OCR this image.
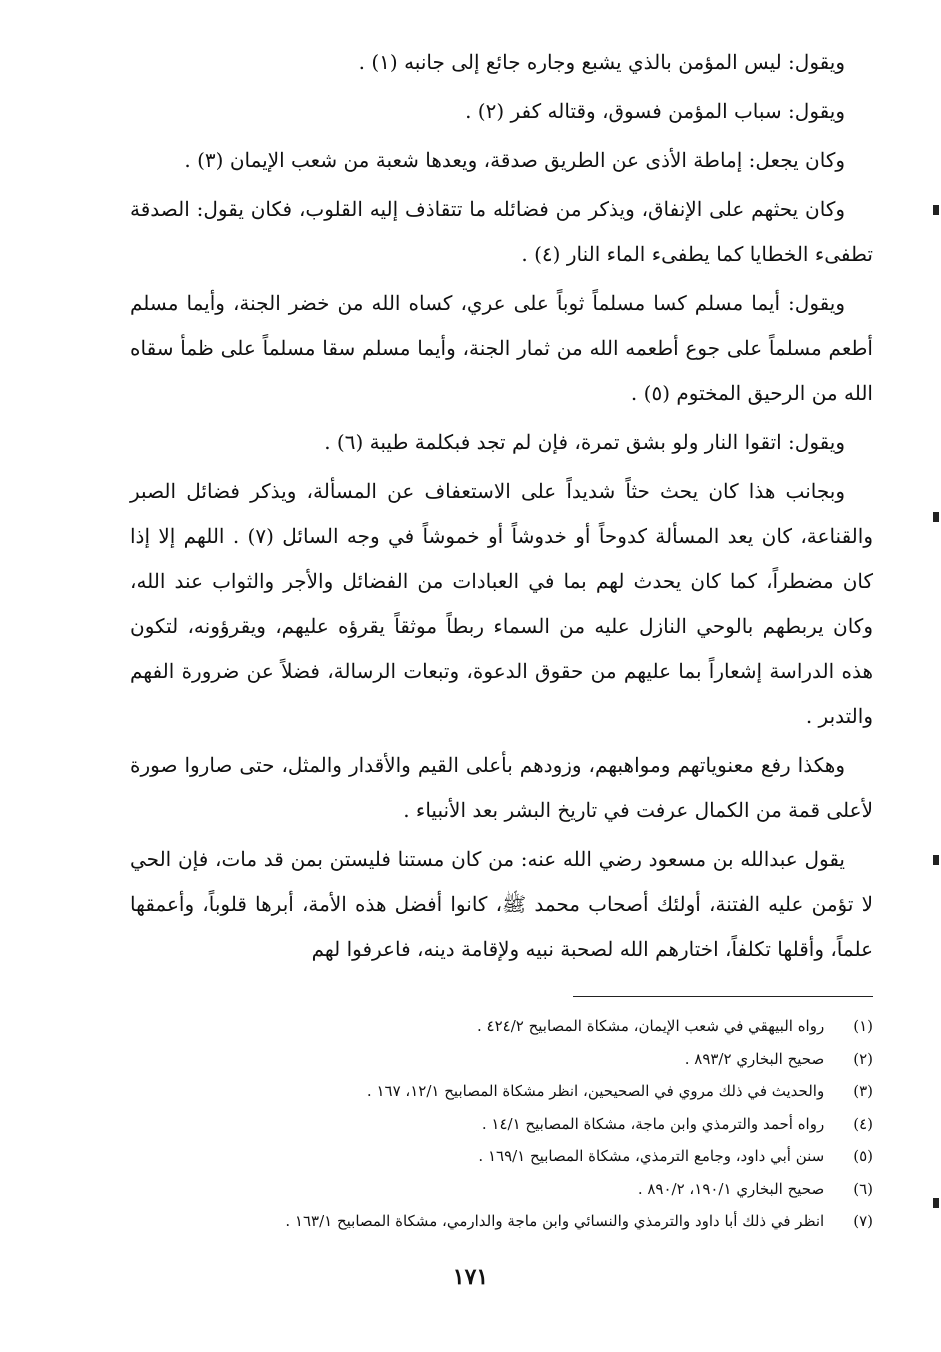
ويقول: ليس المؤمن بالذي يشبع وجاره جائع إلى جانبه (١) .

ويقول: سباب المؤمن فسوق، وقتاله كفر (٢) .

وكان يجعل: إماطة الأذى عن الطريق صدقة، ويعدها شعبة من شعب الإيمان (٣) .

وكان يحثهم على الإنفاق، ويذكر من فضائله ما تتقاذف إليه القلوب، فكان يقول: الصدقة تطفىء الخطايا كما يطفىء الماء النار (٤) .

ويقول: أيما مسلم كسا مسلماً ثوباً على عري، كساه الله من خضر الجنة، وأيما مسلم أطعم مسلماً على جوع أطعمه الله من ثمار الجنة، وأيما مسلم سقا مسلماً على ظمأ سقاه الله من الرحيق المختوم (٥) .

ويقول: اتقوا النار ولو بشق تمرة، فإن لم تجد فبكلمة طيبة (٦) .

وبجانب هذا كان يحث حثاً شديداً على الاستعفاف عن المسألة، ويذكر فضائل الصبر والقناعة، كان يعد المسألة كدوحاً أو خدوشاً أو خموشاً في وجه السائل (٧) . اللهم إلا إذا كان مضطراً، كما كان يحدث لهم بما في العبادات من الفضائل والأجر والثواب عند الله، وكان يربطهم بالوحي النازل عليه من السماء ربطاً موثقاً يقرؤه عليهم، ويقرؤونه، لتكون هذه الدراسة إشعاراً بما عليهم من حقوق الدعوة، وتبعات الرسالة، فضلاً عن ضرورة الفهم والتدبر .

وهكذا رفع معنوياتهم ومواهبهم، وزودهم بأعلى القيم والأقدار والمثل، حتى صاروا صورة لأعلى قمة من الكمال عرفت في تاريخ البشر بعد الأنبياء .

يقول عبدالله بن مسعود رضي الله عنه: من كان مستنا فليستن بمن قد مات، فإن الحي لا تؤمن عليه الفتنة، أولئك أصحاب محمد ﷺ، كانوا أفضل هذه الأمة، أبرها قلوباً، وأعمقها علماً، وأقلها تكلفاً، اختارهم الله لصحبة نبيه ولإقامة دينه، فاعرفوا لهم

(١) رواه البيهقي في شعب الإيمان، مشكاة المصابيح ٤٢٤/٢ .
(٢) صحيح البخاري ٨٩٣/٢ .
(٣) والحديث في ذلك مروي في الصحيحين، انظر مشكاة المصابيح ١٢/١، ١٦٧ .
(٤) رواه أحمد والترمذي وابن ماجة، مشكاة المصابيح ١٤/١ .
(٥) سنن أبي داود، وجامع الترمذي، مشكاة المصابيح ١٦٩/١ .
(٦) صحيح البخاري ١٩٠/١، ٨٩٠/٢ .
(٧) انظر في ذلك أبا داود والترمذي والنسائي وابن ماجة والدارمي، مشكاة المصابيح ١٦٣/١ .
١٧١
